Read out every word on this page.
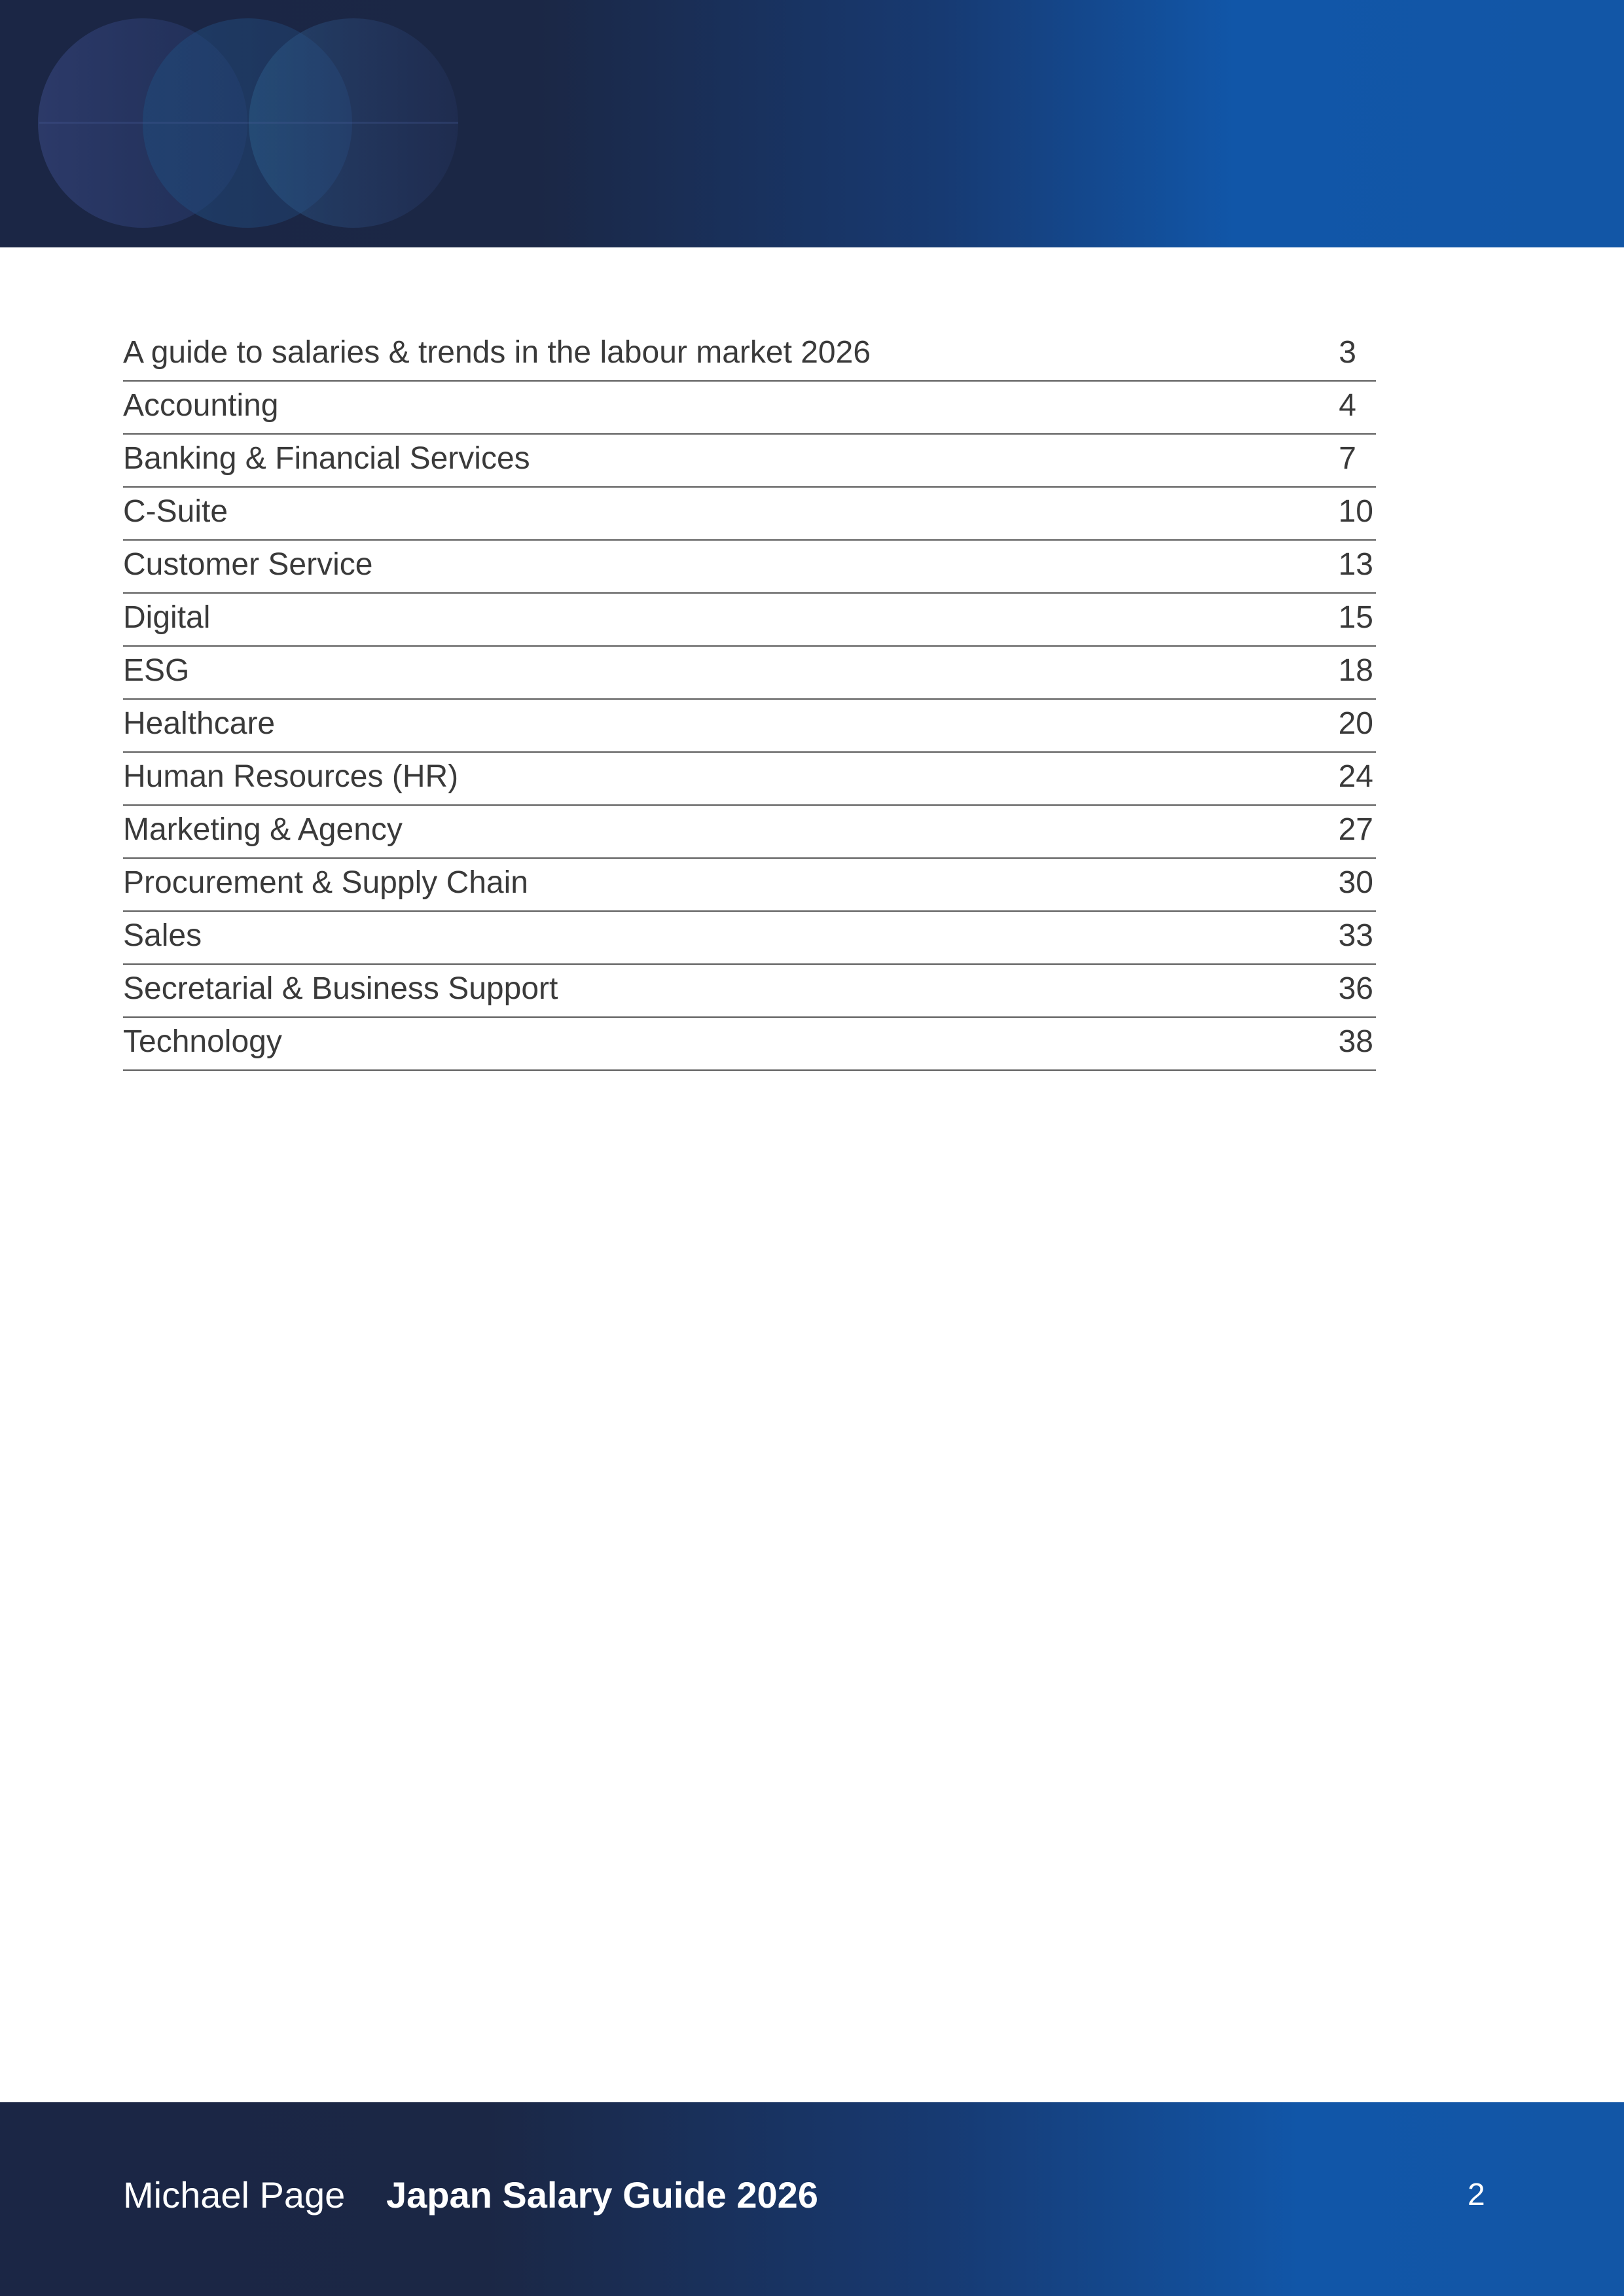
A guide to salaries & trends in the labour market 2026	3
Accounting	4
Banking & Financial Services	7
C-Suite	10
Customer Service	13
Digital	15
ESG	18
Healthcare	20
Human Resources (HR)	24
Marketing & Agency	27
Procurement & Supply Chain	30
Sales	33
Secretarial & Business Support	36
Technology	38
Michael Page Japan Salary Guide 2026	2
